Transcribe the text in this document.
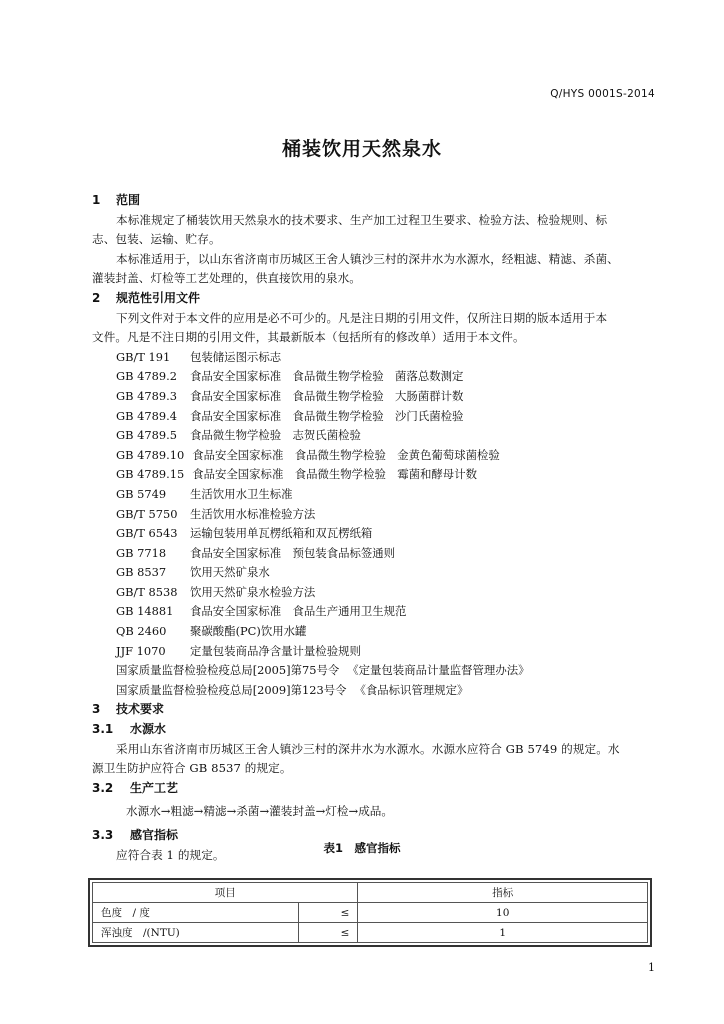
Q/HYS 0001S-2014
桶装饮用天然泉水
1 范围
本标准规定了桶装饮用天然泉水的技术要求、生产加工过程卫生要求、检验方法、检验规则、标
志、包装、运输、贮存。
本标准适用于，以山东省济南市历城区王舍人镇沙三村的深井水为水源水，经粗滤、精滤、杀菌、
灌装封盖、灯检等工艺处理的，供直接饮用的泉水。
2 规范性引用文件
下列文件对于本文件的应用是必不可少的。凡是注日期的引用文件，仅所注日期的版本适用于本
文件。凡是不注日期的引用文件，其最新版本（包括所有的修改单）适用于本文件。
GB/T 191 包装储运图示标志
GB 4789.2 食品安全国家标准　食品微生物学检验　菌落总数测定
GB 4789.3 食品安全国家标准　食品微生物学检验　大肠菌群计数
GB 4789.4 食品安全国家标准　食品微生物学检验　沙门氏菌检验
GB 4789.5 食品微生物学检验　志贺氏菌检验
GB 4789.10 食品安全国家标准　食品微生物学检验　金黄色葡萄球菌检验
GB 4789.15 食品安全国家标准　食品微生物学检验　霉菌和酵母计数
GB 5749 生活饮用水卫生标准
GB/T 5750 生活饮用水标准检验方法
GB/T 6543 运输包装用单瓦楞纸箱和双瓦楞纸箱
GB 7718 食品安全国家标准　预包装食品标签通则
GB 8537 饮用天然矿泉水
GB/T 8538 饮用天然矿泉水检验方法
GB 14881 食品安全国家标准　食品生产通用卫生规范
QB 2460 聚碳酸酯(PC)饮用水罐
JJF 1070 定量包装商品净含量计量检验规则
国家质量监督检验检疫总局[2005]第75号令 《定量包装商品计量监督管理办法》
国家质量监督检验检疫总局[2009]第123号令 《食品标识管理规定》
3 技术要求
3.1 水源水
采用山东省济南市历城区王舍人镇沙三村的深井水为水源水。水源水应符合 GB 5749 的规定。水
源卫生防护应符合 GB 8537 的规定。
3.2 生产工艺
水源水→粗滤→精滤→杀菌→灌装封盖→灯检→成品。
3.3 感官指标
应符合表 1 的规定。	表1　感官指标
项目		指标
色度　/ 度	≤	10
浑浊度　/(NTU)	≤	1
1
